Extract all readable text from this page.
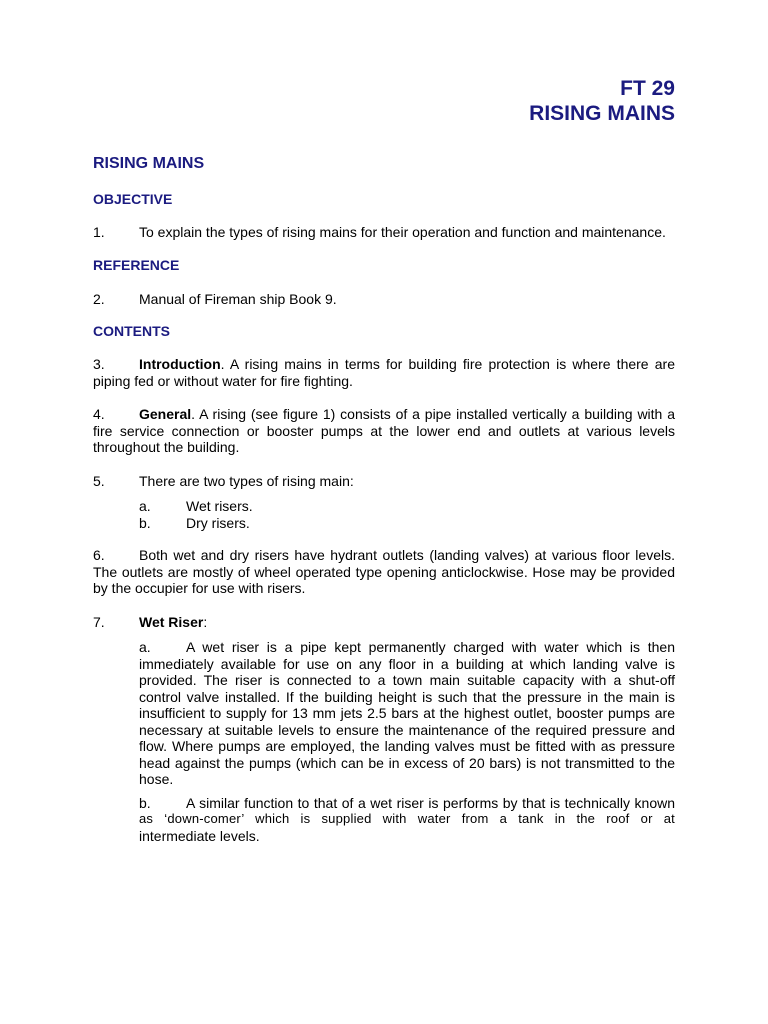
FT 29
RISING MAINS
RISING MAINS
OBJECTIVE
1. To explain the types of rising mains for their operation and function and maintenance.
REFERENCE
2. Manual of Fireman ship Book 9.
CONTENTS
3. Introduction. A rising mains in terms for building fire protection is where there are piping fed or without water for fire fighting.
4. General. A rising (see figure 1) consists of a pipe installed vertically a building with a fire service connection or booster pumps at the lower end and outlets at various levels throughout the building.
5. There are two types of rising main:
a.	Wet risers.
b.	Dry risers.
6. Both wet and dry risers have hydrant outlets (landing valves) at various floor levels. The outlets are mostly of wheel operated type opening anticlockwise. Hose may be provided by the occupier for use with risers.
7. Wet Riser:
a.	A wet riser is a pipe kept permanently charged with water which is then immediately available for use on any floor in a building at which landing valve is provided. The riser is connected to a town main suitable capacity with a shut-off control valve installed. If the building height is such that the pressure in the main is insufficient to supply for 13 mm jets 2.5 bars at the highest outlet, booster pumps are necessary at suitable levels to ensure the maintenance of the required pressure and flow. Where pumps are employed, the landing valves must be fitted with as pressure head against the pumps (which can be in excess of 20 bars) is not transmitted to the hose.
b.	A similar function to that of a wet riser is performs by that is technically known
as ‘down-comer’ which is supplied with water from a tank in the roof or at
intermediate levels.
